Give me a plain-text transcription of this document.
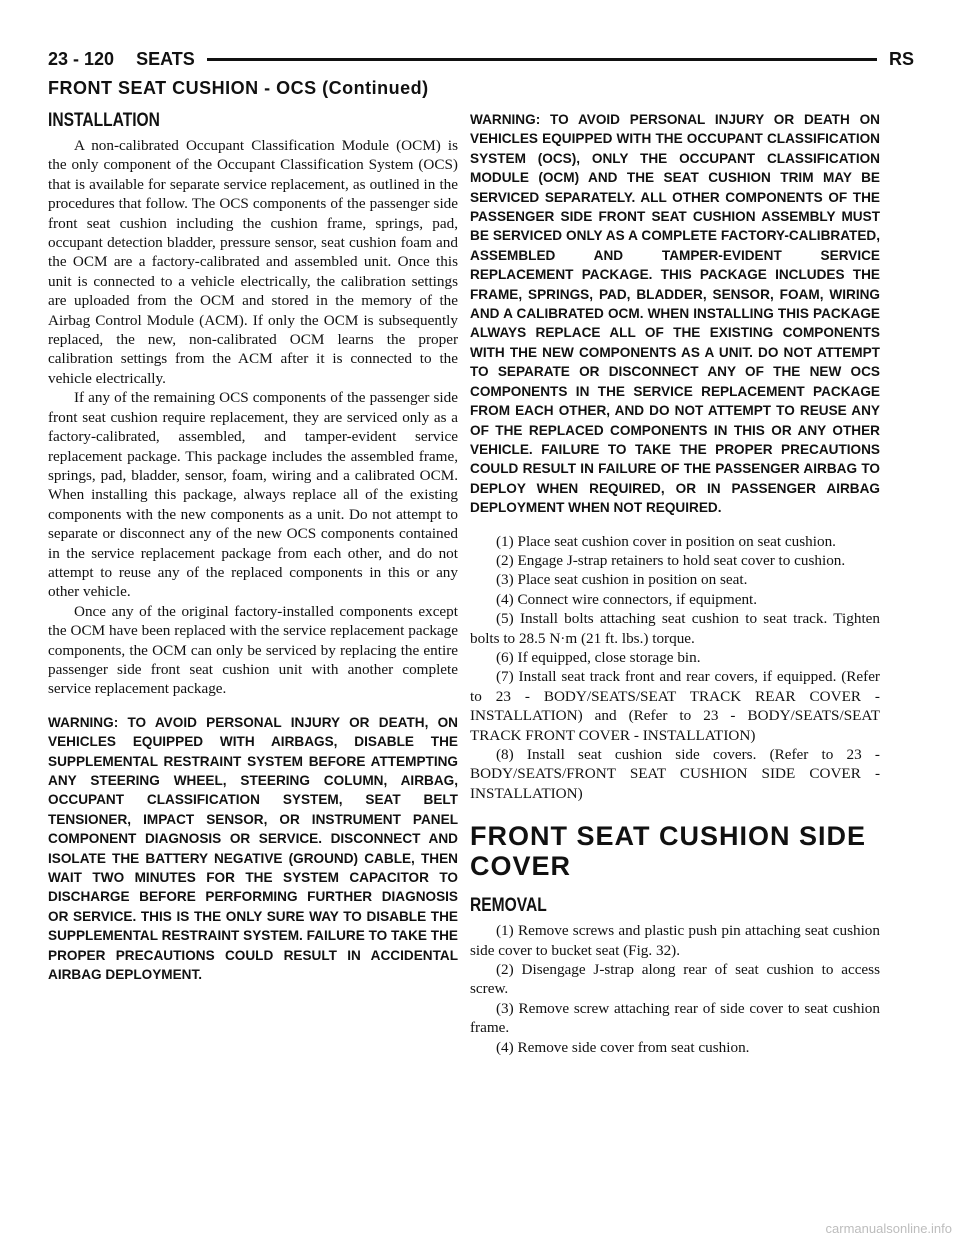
23 - 120 SEATS	RS
FRONT SEAT CUSHION - OCS (Continued)
INSTALLATION

A non-calibrated Occupant Classification Module (OCM) is the only component of the Occupant Classification System (OCS) that is available for separate service replacement, as outlined in the procedures that follow. The OCS components of the passenger side front seat cushion including the cushion frame, springs, pad, occupant detection bladder, pressure sensor, seat cushion foam and the OCM are a factory-calibrated and assembled unit. Once this unit is connected to a vehicle electrically, the calibration settings are uploaded from the OCM and stored in the memory of the Airbag Control Module (ACM). If only the OCM is subsequently replaced, the new, non-calibrated OCM learns the proper calibration settings from the ACM after it is connected to the vehicle electrically.

If any of the remaining OCS components of the passenger side front seat cushion require replacement, they are serviced only as a factory-calibrated, assembled, and tamper-evident service replacement package. This package includes the assembled frame, springs, pad, bladder, sensor, foam, wiring and a calibrated OCM. When installing this package, always replace all of the existing components with the new components as a unit. Do not attempt to separate or disconnect any of the new OCS components contained in the service replacement package from each other, and do not attempt to reuse any of the replaced components in this or any other vehicle.

Once any of the original factory-installed components except the OCM have been replaced with the service replacement package components, the OCM can only be serviced by replacing the entire passenger side front seat cushion unit with another complete service replacement package.

WARNING: TO AVOID PERSONAL INJURY OR DEATH, ON VEHICLES EQUIPPED WITH AIRBAGS, DISABLE THE SUPPLEMENTAL RESTRAINT SYSTEM BEFORE ATTEMPTING ANY STEERING WHEEL, STEERING COLUMN, AIRBAG, OCCUPANT CLASSIFICATION SYSTEM, SEAT BELT TENSIONER, IMPACT SENSOR, OR INSTRUMENT PANEL COMPONENT DIAGNOSIS OR SERVICE. DISCONNECT AND ISOLATE THE BATTERY NEGATIVE (GROUND) CABLE, THEN WAIT TWO MINUTES FOR THE SYSTEM CAPACITOR TO DISCHARGE BEFORE PERFORMING FURTHER DIAGNOSIS OR SERVICE. THIS IS THE ONLY SURE WAY TO DISABLE THE SUPPLEMENTAL RESTRAINT SYSTEM. FAILURE TO TAKE THE PROPER PRECAUTIONS COULD RESULT IN ACCIDENTAL AIRBAG DEPLOYMENT.

WARNING: TO AVOID PERSONAL INJURY OR DEATH ON VEHICLES EQUIPPED WITH THE OCCUPANT CLASSIFICATION SYSTEM (OCS), ONLY THE OCCUPANT CLASSIFICATION MODULE (OCM) AND THE SEAT CUSHION TRIM MAY BE SERVICED SEPARATELY. ALL OTHER COMPONENTS OF THE PASSENGER SIDE FRONT SEAT CUSHION ASSEMBLY MUST BE SERVICED ONLY AS A COMPLETE FACTORY-CALIBRATED, ASSEMBLED AND TAMPER-EVIDENT SERVICE REPLACEMENT PACKAGE. THIS PACKAGE INCLUDES THE FRAME, SPRINGS, PAD, BLADDER, SENSOR, FOAM, WIRING AND A CALIBRATED OCM. WHEN INSTALLING THIS PACKAGE ALWAYS REPLACE ALL OF THE EXISTING COMPONENTS WITH THE NEW COMPONENTS AS A UNIT. DO NOT ATTEMPT TO SEPARATE OR DISCONNECT ANY OF THE NEW OCS COMPONENTS IN THE SERVICE REPLACEMENT PACKAGE FROM EACH OTHER, AND DO NOT ATTEMPT TO REUSE ANY OF THE REPLACED COMPONENTS IN THIS OR ANY OTHER VEHICLE. FAILURE TO TAKE THE PROPER PRECAUTIONS COULD RESULT IN FAILURE OF THE PASSENGER AIRBAG TO DEPLOY WHEN REQUIRED, OR IN PASSENGER AIRBAG DEPLOYMENT WHEN NOT REQUIRED.

(1) Place seat cushion cover in position on seat cushion.

(2) Engage J-strap retainers to hold seat cover to cushion.

(3) Place seat cushion in position on seat.

(4) Connect wire connectors, if equipment.

(5) Install bolts attaching seat cushion to seat track. Tighten bolts to 28.5 N·m (21 ft. lbs.) torque.

(6) If equipped, close storage bin.

(7) Install seat track front and rear covers, if equipped. (Refer to 23 - BODY/SEATS/SEAT TRACK REAR COVER - INSTALLATION) and (Refer to 23 - BODY/SEATS/SEAT TRACK FRONT COVER - INSTALLATION)

(8) Install seat cushion side covers. (Refer to 23 - BODY/SEATS/FRONT SEAT CUSHION SIDE COVER - INSTALLATION)

FRONT SEAT CUSHION SIDE COVER
REMOVAL

(1) Remove screws and plastic push pin attaching seat cushion side cover to bucket seat (Fig. 32).

(2) Disengage J-strap along rear of seat cushion to access screw.

(3) Remove screw attaching rear of side cover to seat cushion frame.

(4) Remove side cover from seat cushion.

carmanualsonline.info
